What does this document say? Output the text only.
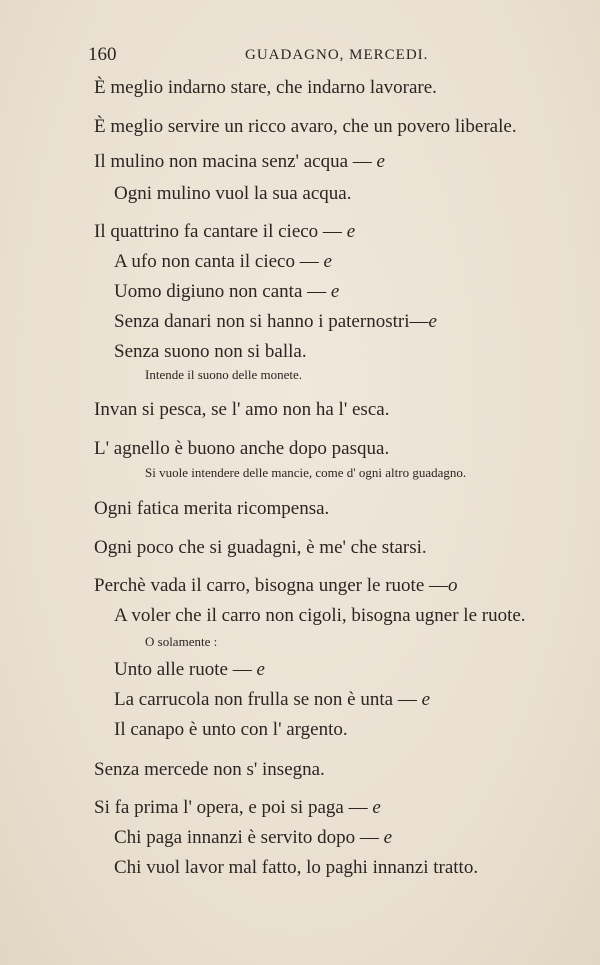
160	GUADAGNO, MERCEDI.
È meglio indarno stare, che indarno lavorare.
È meglio servire un ricco avaro, che un povero liberale.
Il mulino non macina senz' acqua — e
Ogni mulino vuol la sua acqua.
Il quattrino fa cantare il cieco — e
A ufo non canta il cieco — e
Uomo digiuno non canta — e
Senza danari non si hanno i paternostri—e
Senza suono non si balla.
Intende il suono delle monete.
Invan si pesca, se l' amo non ha l' esca.
L' agnello è buono anche dopo pasqua.
Si vuole intendere delle mancie, come d' ogni altro guadagno.
Ogni fatica merita ricompensa.
Ogni poco che si guadagni, è me' che starsi.
Perchè vada il carro, bisogna unger le ruote —o
A voler che il carro non cigoli, bisogna ugner le ruote.
O solamente :
Unto alle ruote — e
La carrucola non frulla se non è unta — e
Il canapo è unto con l' argento.
Senza mercede non s' insegna.
Si fa prima l' opera, e poi si paga — e
Chi paga innanzi è servito dopo — e
Chi vuol lavor mal fatto, lo paghi innanzi tratto.
